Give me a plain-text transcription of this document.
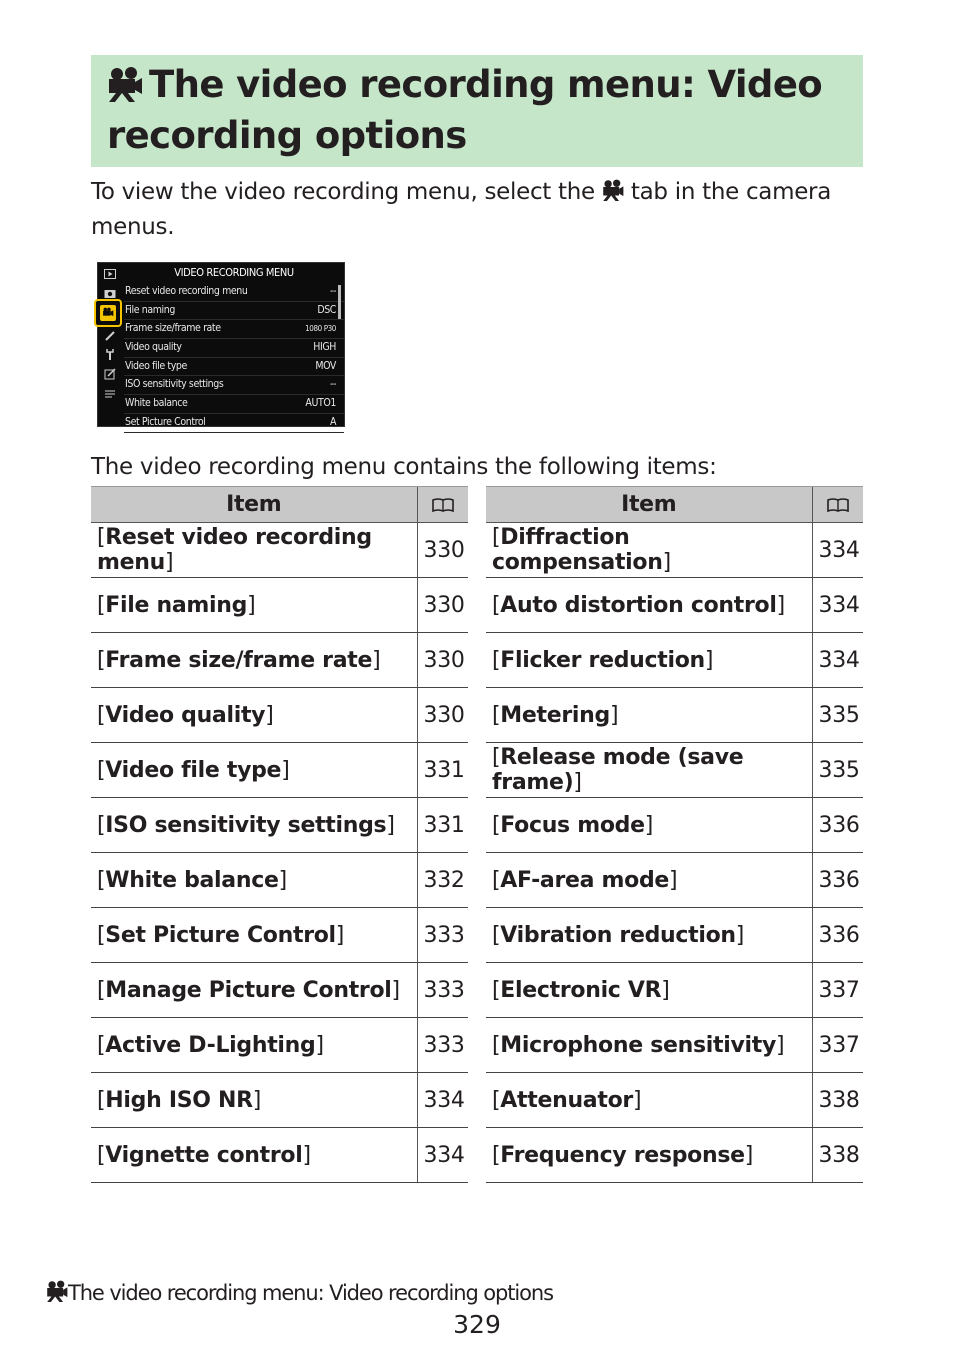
The video recording menu: Video recording options
To view the video recording menu, select the tab in the camera menus.
VIDEO RECORDING MENU
Reset video recording menu	--
File naming	DSC
Frame size/frame rate	1080 P30
Video quality	HIGH
Video file type	MOV
ISO sensitivity settings	--
White balance	AUTO1
Set Picture Control	A
The video recording menu contains the following items:
Item	
[Reset video recording menu]	330
[File naming]	330
[Frame size/frame rate]	330
[Video quality]	330
[Video file type]	331
[ISO sensitivity settings]	331
[White balance]	332
[Set Picture Control]	333
[Manage Picture Control]	333
[Active D-Lighting]	333
[High ISO NR]	334
[Vignette control]	334
Item	
[Diffraction compensation]	334
[Auto distortion control]	334
[Flicker reduction]	334
[Metering]	335
[Release mode (save frame)]	335
[Focus mode]	336
[AF-area mode]	336
[Vibration reduction]	336
[Electronic VR]	337
[Microphone sensitivity]	337
[Attenuator]	338
[Frequency response]	338
The video recording menu: Video recording options
329
